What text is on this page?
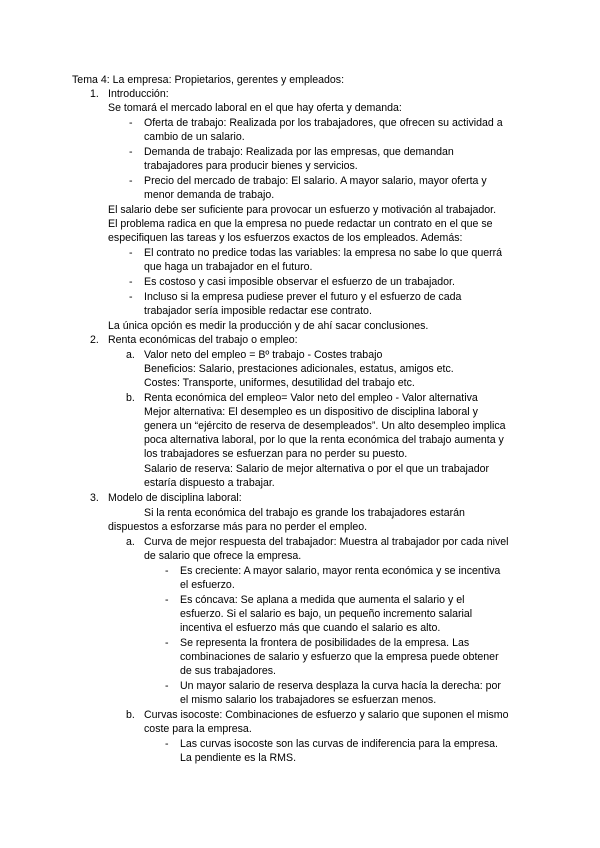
Tema 4: La empresa: Propietarios, gerentes y empleados:
1. Introducción:
Se tomará el mercado laboral en el que hay oferta y demanda:
- Oferta de trabajo: Realizada por los trabajadores, que ofrecen su actividad a
cambio de un salario.
- Demanda de trabajo: Realizada por las empresas, que demandan
trabajadores para producir bienes y servicios.
- Precio del mercado de trabajo: El salario. A mayor salario, mayor oferta y
menor demanda de trabajo.
El salario debe ser suficiente para provocar un esfuerzo y motivación al trabajador.
El problema radica en que la empresa no puede redactar un contrato en el que se
especifiquen las tareas y los esfuerzos exactos de los empleados. Además:
- El contrato no predice todas las variables: la empresa no sabe lo que querrá
que haga un trabajador en el futuro.
- Es costoso y casi imposible observar el esfuerzo de un trabajador.
- Incluso si la empresa pudiese prever el futuro y el esfuerzo de cada
trabajador sería imposible redactar ese contrato.
La única opción es medir la producción y de ahí sacar conclusiones.
2. Renta económicas del trabajo o empleo:
a. Valor neto del empleo = Bº trabajo - Costes trabajo
Beneficios: Salario, prestaciones adicionales, estatus, amigos etc.
Costes: Transporte, uniformes, desutilidad del trabajo etc.
b. Renta económica del empleo= Valor neto del empleo - Valor alternativa
Mejor alternativa: El desempleo es un dispositivo de disciplina laboral y
genera un “ejército de reserva de desempleados”. Un alto desempleo implica
poca alternativa laboral, por lo que la renta económica del trabajo aumenta y
los trabajadores se esfuerzan para no perder su puesto.
Salario de reserva: Salario de mejor alternativa o por el que un trabajador
estaría dispuesto a trabajar.
3. Modelo de disciplina laboral:
Si la renta económica del trabajo es grande los trabajadores estarán
dispuestos a esforzarse más para no perder el empleo.
a. Curva de mejor respuesta del trabajador: Muestra al trabajador por cada nivel
de salario que ofrece la empresa.
- Es creciente: A mayor salario, mayor renta económica y se incentiva
el esfuerzo.
- Es cóncava: Se aplana a medida que aumenta el salario y el
esfuerzo. Si el salario es bajo, un pequeño incremento salarial
incentiva el esfuerzo más que cuando el salario es alto.
- Se representa la frontera de posibilidades de la empresa. Las
combinaciones de salario y esfuerzo que la empresa puede obtener
de sus trabajadores.
- Un mayor salario de reserva desplaza la curva hacía la derecha: por
el mismo salario los trabajadores se esfuerzan menos.
b. Curvas isocoste: Combinaciones de esfuerzo y salario que suponen el mismo
coste para la empresa.
- Las curvas isocoste son las curvas de indiferencia para la empresa.
La pendiente es la RMS.
